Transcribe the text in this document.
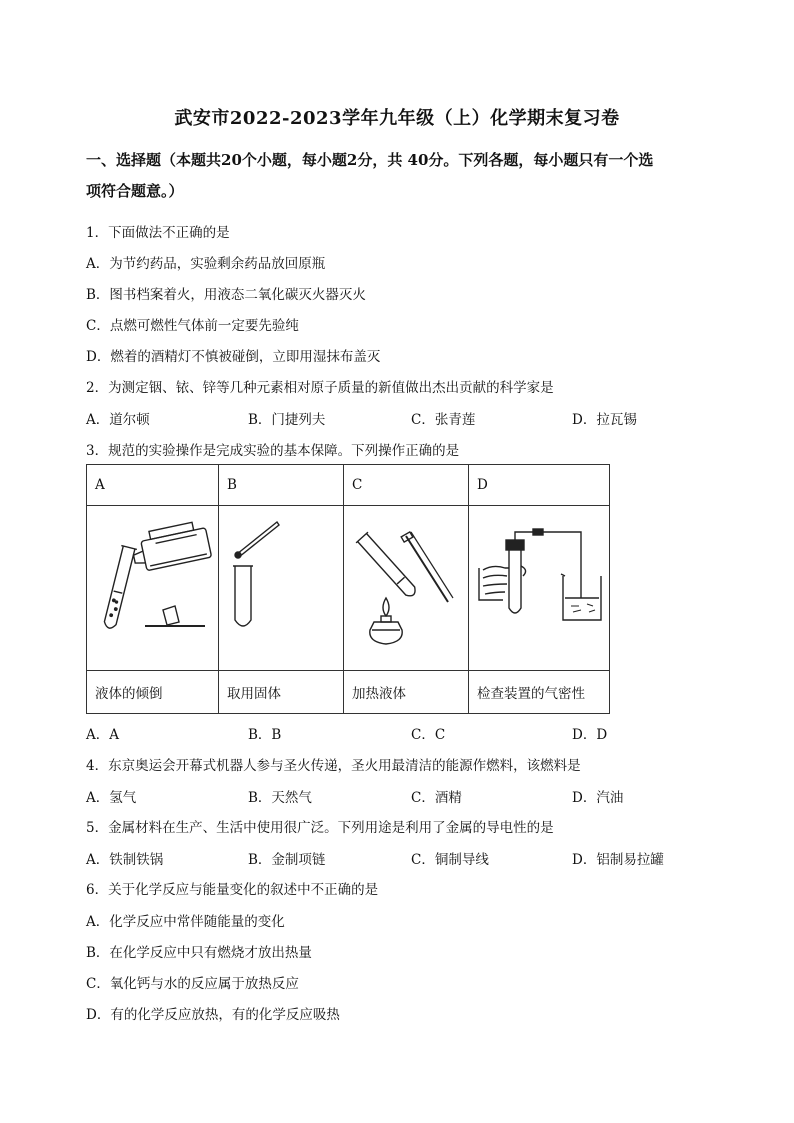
武安市2022-2023学年九年级（上）化学期末复习卷
一、选择题（本题共20个小题，每小题2分，共 40分。下列各题，每小题只有一个选
项符合题意。）
1．下面做法不正确的是
A．为节约药品，实验剩余药品放回原瓶
B．图书档案着火，用液态二氧化碳灭火器灭火
C．点燃可燃性气体前一定要先验纯
D．燃着的酒精灯不慎被碰倒，立即用湿抹布盖灭
2．为测定铟、铱、锌等几种元素相对原子质量的新值做出杰出贡献的科学家是
A．道尔顿	B．门捷列夫	C．张青莲	D．拉瓦锡
3．规范的实验操作是完成实验的基本保障。下列操作正确的是
A	B	C	D

液体的倾倒	取用固体	加热液体	检查装置的气密性
A．A	B．B	C．C	D．D
4．东京奥运会开幕式机器人参与圣火传递，圣火用最清洁的能源作燃料，该燃料是
A．氢气	B．天然气	C．酒精	D．汽油
5．金属材料在生产、生活中使用很广泛。下列用途是利用了金属的导电性的是
A．铁制铁锅	B．金制项链	C．铜制导线	D．铝制易拉罐
6．关于化学反应与能量变化的叙述中不正确的是
A．化学反应中常伴随能量的变化
B．在化学反应中只有燃烧才放出热量
C．氧化钙与水的反应属于放热反应
D．有的化学反应放热，有的化学反应吸热
